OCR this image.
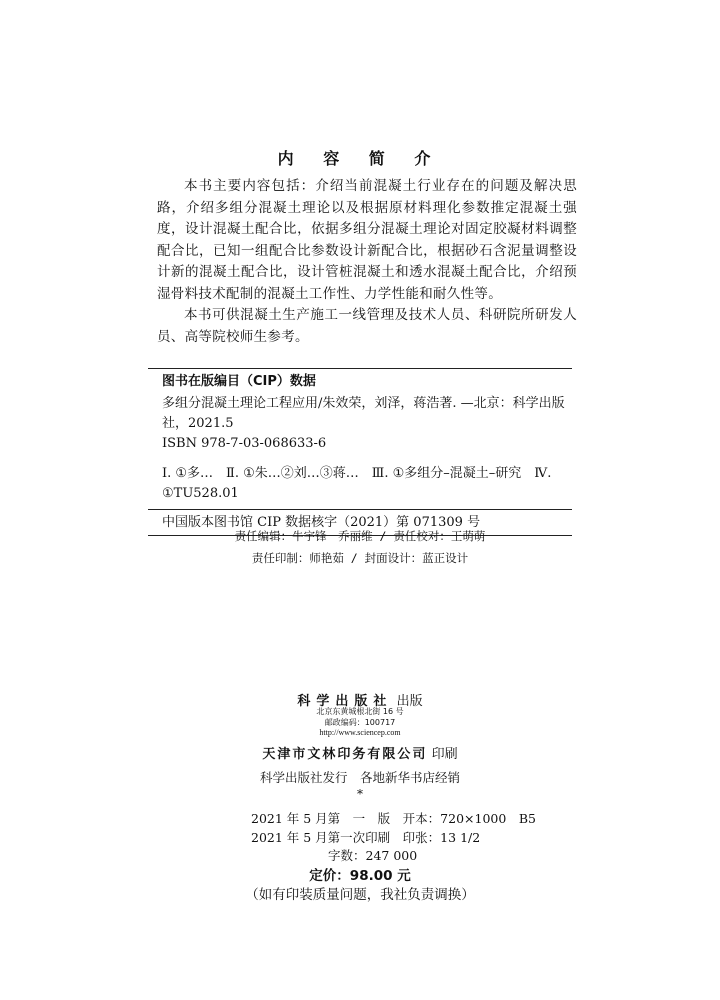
内 容 简 介

本书主要内容包括：介绍当前混凝土行业存在的问题及解决思路，介绍多组分混凝土理论以及根据原材料理化参数推定混凝土强度，设计混凝土配合比，依据多组分混凝土理论对固定胶凝材料调整配合比，已知一组配合比参数设计新配合比，根据砂石含泥量调整设计新的混凝土配合比，设计管桩混凝土和透水混凝土配合比，介绍预湿骨料技术配制的混凝土工作性、力学性能和耐久性等。

本书可供混凝土生产施工一线管理及技术人员、科研院所研发人员、高等院校师生参考。

图书在版编目（CIP）数据
多组分混凝土理论工程应用/朱效荣，刘泽，蒋浩著. —北京：科学出版社，2021.5
ISBN 978-7-03-068633-6
Ⅰ. ①多…　Ⅱ. ①朱…②刘…③蒋…　Ⅲ. ①多组分–混凝土–研究　Ⅳ. ①TU528.01
中国版本图书馆 CIP 数据核字（2021）第 071309 号
责任编辑：牛宇锋　乔丽维 / 责任校对：王萌萌
责任印制：师艳茹 / 封面设计：蓝正设计
科学出版社 出版
北京东黄城根北街 16 号
邮政编码：100717
http://www.sciencep.com
天津市文林印务有限公司 印刷
科学出版社发行　各地新华书店经销
*
2021 年 5 月第　一　版　开本：720×1000　B5
2021 年 5 月第一次印刷　印张：13 1/2
字数：247 000
定价：98.00 元
（如有印装质量问题，我社负责调换）
